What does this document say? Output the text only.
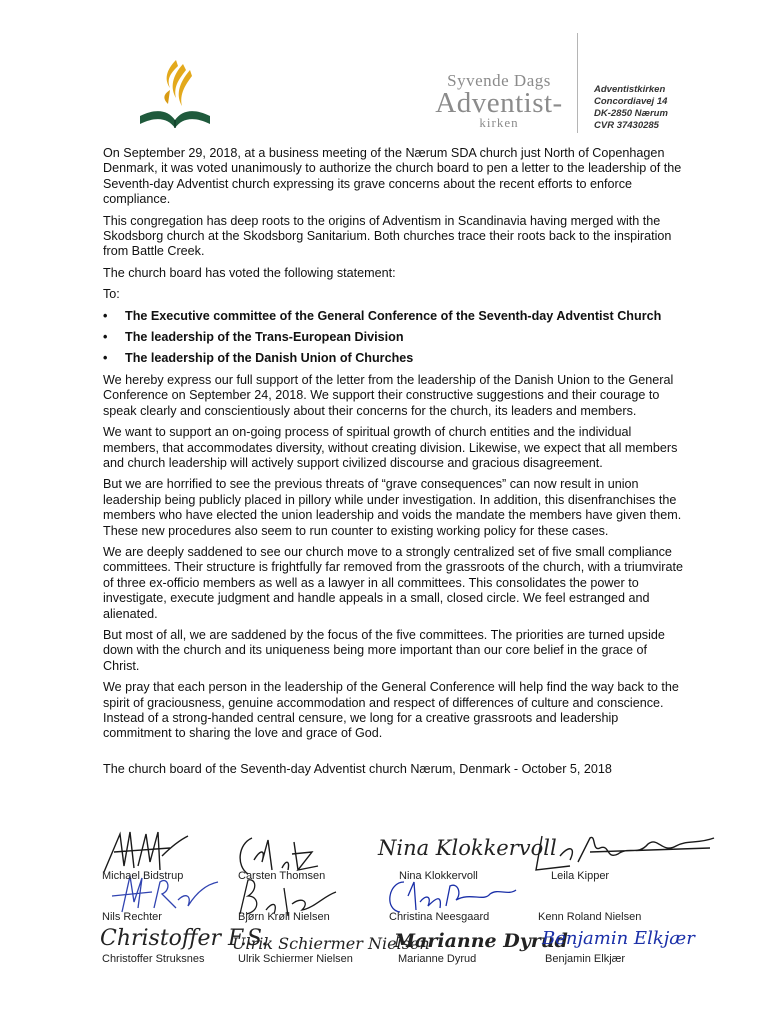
Syvende Dags
Adventist-
kirken
Adventistkirken
Concordiavej 14
DK-2850 Nærum
CVR 37430285

On September 29, 2018, at a business meeting of the Nærum SDA church just North of Copenhagen Denmark, it was voted unanimously to authorize the church board to pen a letter to the leadership of the Seventh-day Adventist church expressing its grave concerns about the recent efforts to enforce compliance.

This congregation has deep roots to the origins of Adventism in Scandinavia having merged with the Skodsborg church at the Skodsborg Sanitarium. Both churches trace their roots back to the inspiration from Battle Creek.

The church board has voted the following statement:

To:

• The Executive committee of the General Conference of the Seventh-day Adventist Church
• The leadership of the Trans-European Division
• The leadership of the Danish Union of Churches

We hereby express our full support of the letter from the leadership of the Danish Union to the General Conference on September 24, 2018. We support their constructive suggestions and their courage to speak clearly and conscientiously about their concerns for the church, its leaders and members.

We want to support an on-going process of spiritual growth of church entities and the individual members, that accommodates diversity, without creating division. Likewise, we expect that all members and church leadership will actively support civilized discourse and gracious disagreement.

But we are horrified to see the previous threats of “grave consequences” can now result in union leadership being publicly placed in pillory while under investigation. In addition, this disenfranchises the members who have elected the union leadership and voids the mandate the members have given them. These new procedures also seem to run counter to existing working policy for these cases.

We are deeply saddened to see our church move to a strongly centralized set of five small compliance committees. Their structure is frightfully far removed from the grassroots of the church, with a triumvirate of three ex-officio members as well as a lawyer in all committees. This consolidates the power to investigate, execute judgment and handle appeals in a small, closed circle. We feel estranged and alienated.

But most of all, we are saddened by the focus of the five committees. The priorities are turned upside down with the church and its uniqueness being more important than our core belief in the grace of Christ.

We pray that each person in the leadership of the General Conference will help find the way back to the spirit of graciousness, genuine accommodation and respect of differences of culture and conscience. Instead of a strong-handed central censure, we long for a creative grassroots and leadership commitment to sharing the love and grace of God.

The church board of the Seventh-day Adventist church Nærum, Denmark - October 5, 2018

Nina Klokkervoll
Christoffer F.S.
Ulrik Schiermer Nielsen
Marianne Dyrud
Benjamin Elkjær
Michael Bidstrup	Carsten Thomsen	Nina Klokkervoll	Leila Kipper
Nils Rechter	Bjørn Krøll Nielsen	Christina Neesgaard	Kenn Roland Nielsen
Christoffer Struksnes	Ulrik Schiermer Nielsen	Marianne Dyrud	Benjamin Elkjær
